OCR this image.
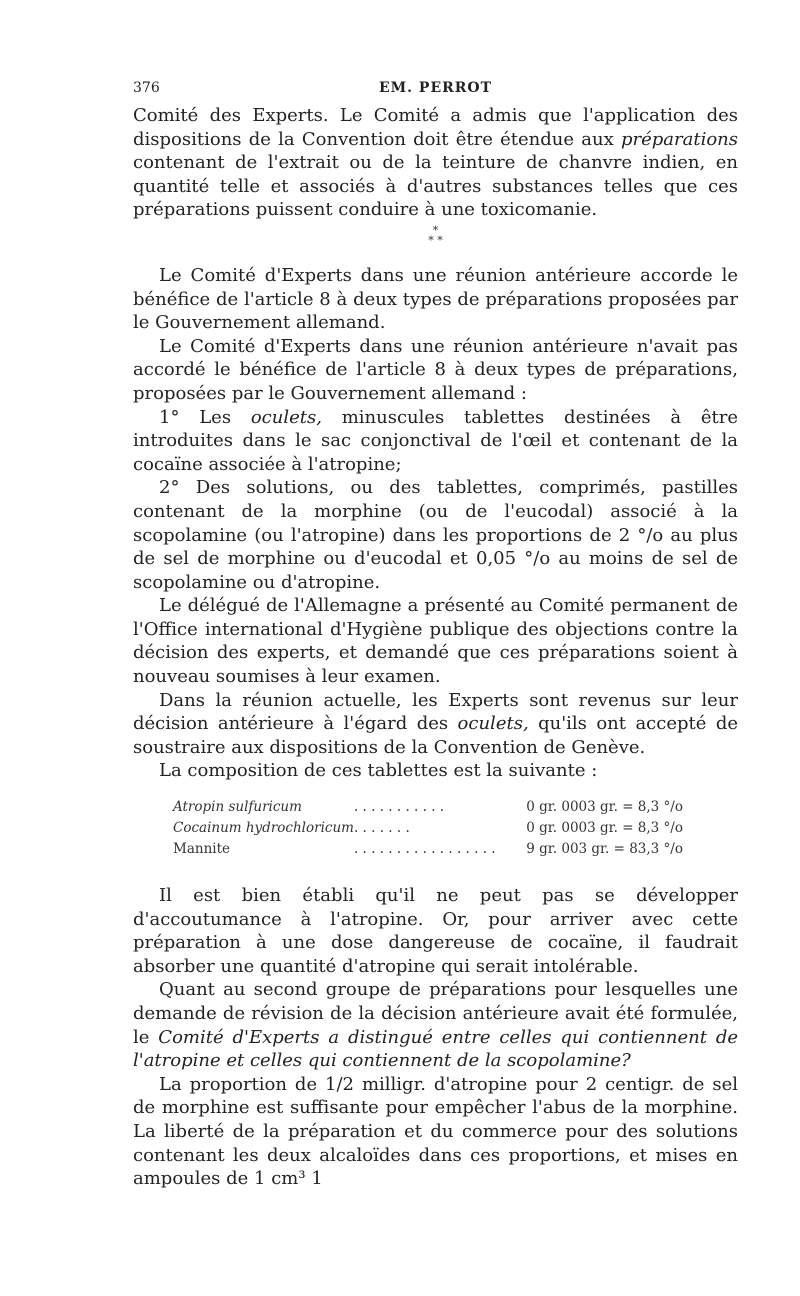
376	EM. PERROT

Comité des Experts. Le Comité a admis que l'application des dispositions de la Convention doit être étendue aux préparations contenant de l'extrait ou de la teinture de chanvre indien, en quantité telle et associés à d'autres substances telles que ces préparations puissent conduire à une toxicomanie.

*
* *

Le Comité d'Experts dans une réunion antérieure accorde le bénéfice de l'article 8 à deux types de préparations proposées par le Gouvernement allemand.

Le Comité d'Experts dans une réunion antérieure n'avait pas accordé le bénéfice de l'article 8 à deux types de préparations, proposées par le Gouvernement allemand :

1° Les oculets, minuscules tablettes destinées à être introduites dans le sac conjonctival de l'œil et contenant de la cocaïne associée à l'atropine;

2° Des solutions, ou des tablettes, comprimés, pastilles contenant de la morphine (ou de l'eucodal) associé à la scopolamine (ou l'atropine) dans les proportions de 2 °/o au plus de sel de morphine ou d'eucodal et 0,05 °/o au moins de sel de scopolamine ou d'atropine.

Le délégué de l'Allemagne a présenté au Comité permanent de l'Office international d'Hygiène publique des objections contre la décision des experts, et demandé que ces préparations soient à nouveau soumises à leur examen.

Dans la réunion actuelle, les Experts sont revenus sur leur décision antérieure à l'égard des oculets, qu'ils ont accepté de soustraire aux dispositions de la Convention de Genève.

La composition de ces tablettes est la suivante :

Atropin sulfuricum	. . . . . . . . . . .	0 gr. 0003 gr. = 8,3 °/o
Cocainum hydrochloricum	. . . . . . .	0 gr. 0003 gr. = 8,3 °/o
Mannite	. . . . . . . . . . . . . . . . .	9 gr. 003 gr. = 83,3 °/o

Il est bien établi qu'il ne peut pas se développer d'accoutumance à l'atropine. Or, pour arriver avec cette préparation à une dose dangereuse de cocaïne, il faudrait absorber une quantité d'atropine qui serait intolérable.

Quant au second groupe de préparations pour lesquelles une demande de révision de la décision antérieure avait été formulée, le Comité d'Experts a distingué entre celles qui contiennent de l'atropine et celles qui contiennent de la scopolamine?

La proportion de 1/2 milligr. d'atropine pour 2 centigr. de sel de morphine est suffisante pour empêcher l'abus de la morphine. La liberté de la préparation et du commerce pour des solutions contenant les deux alcaloïdes dans ces proportions, et mises en ampoules de 1 cm³ 1
